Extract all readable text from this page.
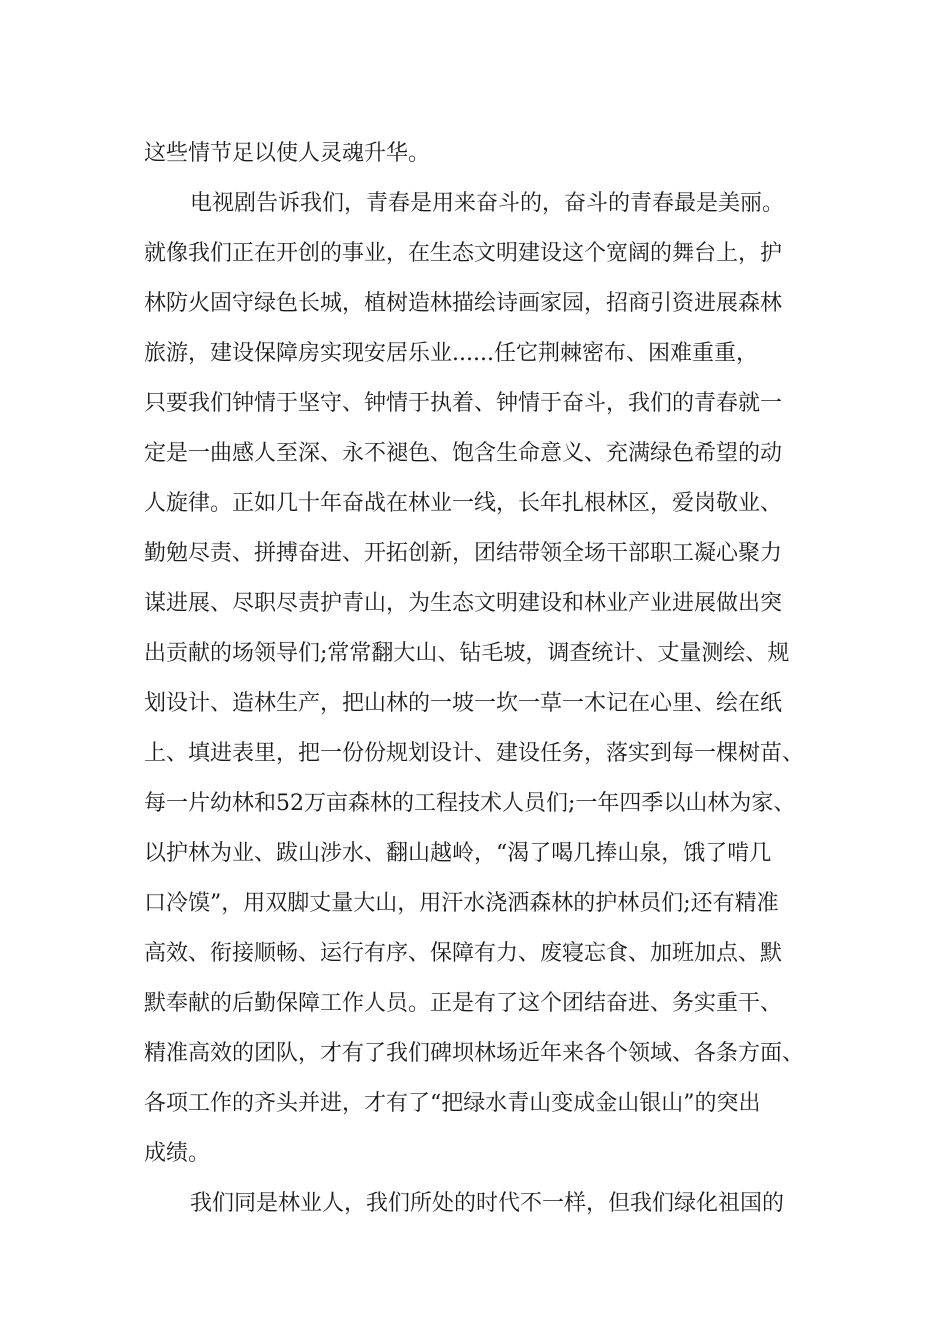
这些情节足以使人灵魂升华。
电视剧告诉我们，青春是用来奋斗的，奋斗的青春最是美丽。
就像我们正在开创的事业，在生态文明建设这个宽阔的舞台上，护
林防火固守绿色长城，植树造林描绘诗画家园，招商引资进展森林
旅游，建设保障房实现安居乐业......任它荆棘密布、困难重重，
只要我们钟情于坚守、钟情于执着、钟情于奋斗，我们的青春就一
定是一曲感人至深、永不褪色、饱含生命意义、充满绿色希望的动
人旋律。正如几十年奋战在林业一线，长年扎根林区，爱岗敬业、
勤勉尽责、拼搏奋进、开拓创新，团结带领全场干部职工凝心聚力
谋进展、尽职尽责护青山，为生态文明建设和林业产业进展做出突
出贡献的场领导们;常常翻大山、钻毛坡，调查统计、丈量测绘、规
划设计、造林生产，把山林的一坡一坎一草一木记在心里、绘在纸
上、填进表里，把一份份规划设计、建设任务，落实到每一棵树苗、
每一片幼林和52万亩森林的工程技术人员们;一年四季以山林为家、
以护林为业、跋山涉水、翻山越岭，“渴了喝几捧山泉，饿了啃几
口冷馍”，用双脚丈量大山，用汗水浇洒森林的护林员们;还有精准
高效、衔接顺畅、运行有序、保障有力、废寝忘食、加班加点、默
默奉献的后勤保障工作人员。正是有了这个团结奋进、务实重干、
精准高效的团队，才有了我们碑坝林场近年来各个领域、各条方面、
各项工作的齐头并进，才有了“把绿水青山变成金山银山”的突出
成绩。
我们同是林业人，我们所处的时代不一样，但我们绿化祖国的
